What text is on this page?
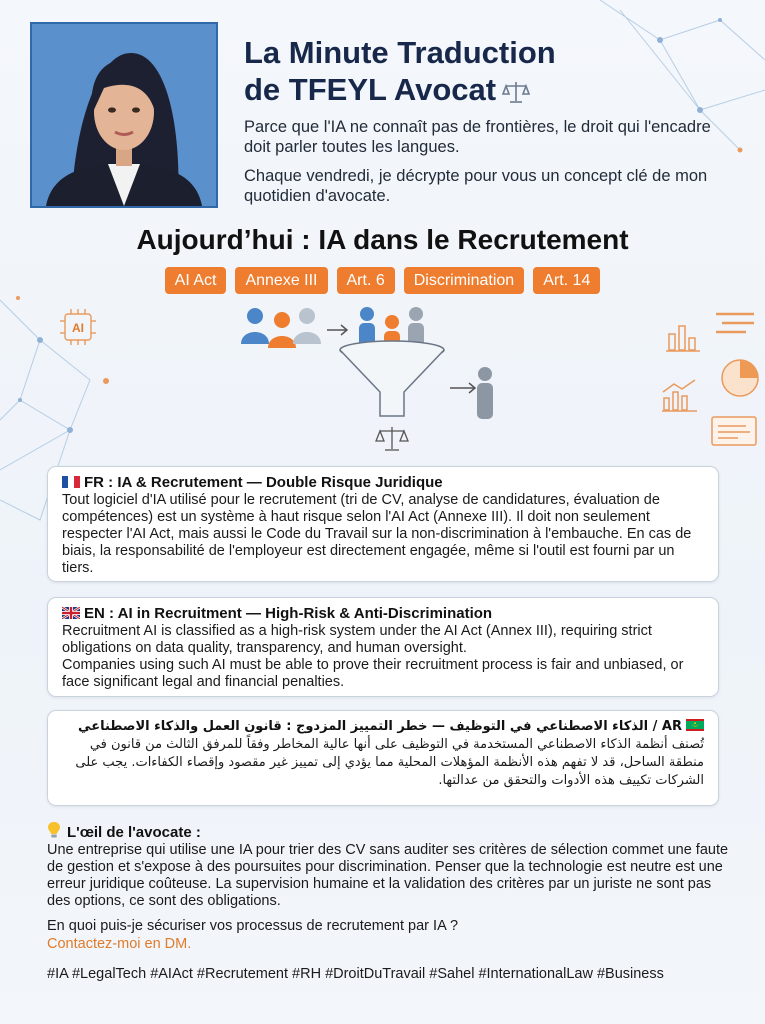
La Minute Traduction
de TFEYL Avocat

Parce que l'IA ne connaît pas de frontières, le droit qui l'encadre doit parler toutes les langues.

Chaque vendredi, je décrypte pour vous un concept clé de mon quotidien d'avocate.

Aujourd’hui : IA dans le Recrutement
AI Act	Annexe III	Art. 6	Discrimination	Art. 14
AI
FR : IA & Recrutement — Double Risque Juridique

Tout logiciel d'IA utilisé pour le recrutement (tri de CV, analyse de candidatures, évaluation de compétences) est un système à haut risque selon l'AI Act (Annexe III). Il doit non seulement respecter l'AI Act, mais aussi le Code du Travail sur la non-discrimination à l'embauche. En cas de biais, la responsabilité de l'employeur est directement engagée, même si l'outil est fourni par un tiers.

EN : AI in Recruitment — High-Risk & Anti-Discrimination

Recruitment AI is classified as a high-risk system under the AI Act (Annex III), requiring strict obligations on data quality, transparency, and human oversight.

Companies using such AI must be able to prove their recruitment process is fair and unbiased, or face significant legal and financial penalties.

AR / الذكاء الاصطناعي في التوظيف — خطر التمييز المزدوج : قانون العمل والذكاء الاصطناعي

تُصنف أنظمة الذكاء الاصطناعي المستخدمة في التوظيف على أنها عالية المخاطر وفقاً للمرفق الثالث من قانون في منطقة الساحل، قد لا تفهم هذه الأنظمة المؤهلات المحلية مما يؤدي إلى تمييز غير مقصود وإقصاء الكفاءات. يجب على الشركات تكييف هذه الأدوات والتحقق من عدالتها.

L'œil de l'avocate :

Une entreprise qui utilise une IA pour trier des CV sans auditer ses critères de sélection commet une faute de gestion et s'expose à des poursuites pour discrimination. Penser que la technologie est neutre est une erreur juridique coûteuse. La supervision humaine et la validation des critères par un juriste ne sont pas des options, ce sont des obligations.

En quoi puis-je sécuriser vos processus de recrutement par IA ?

Contactez-moi en DM.

#IA #LegalTech #AIAct #Recrutement #RH #DroitDuTravail #Sahel #InternationalLaw #Business
